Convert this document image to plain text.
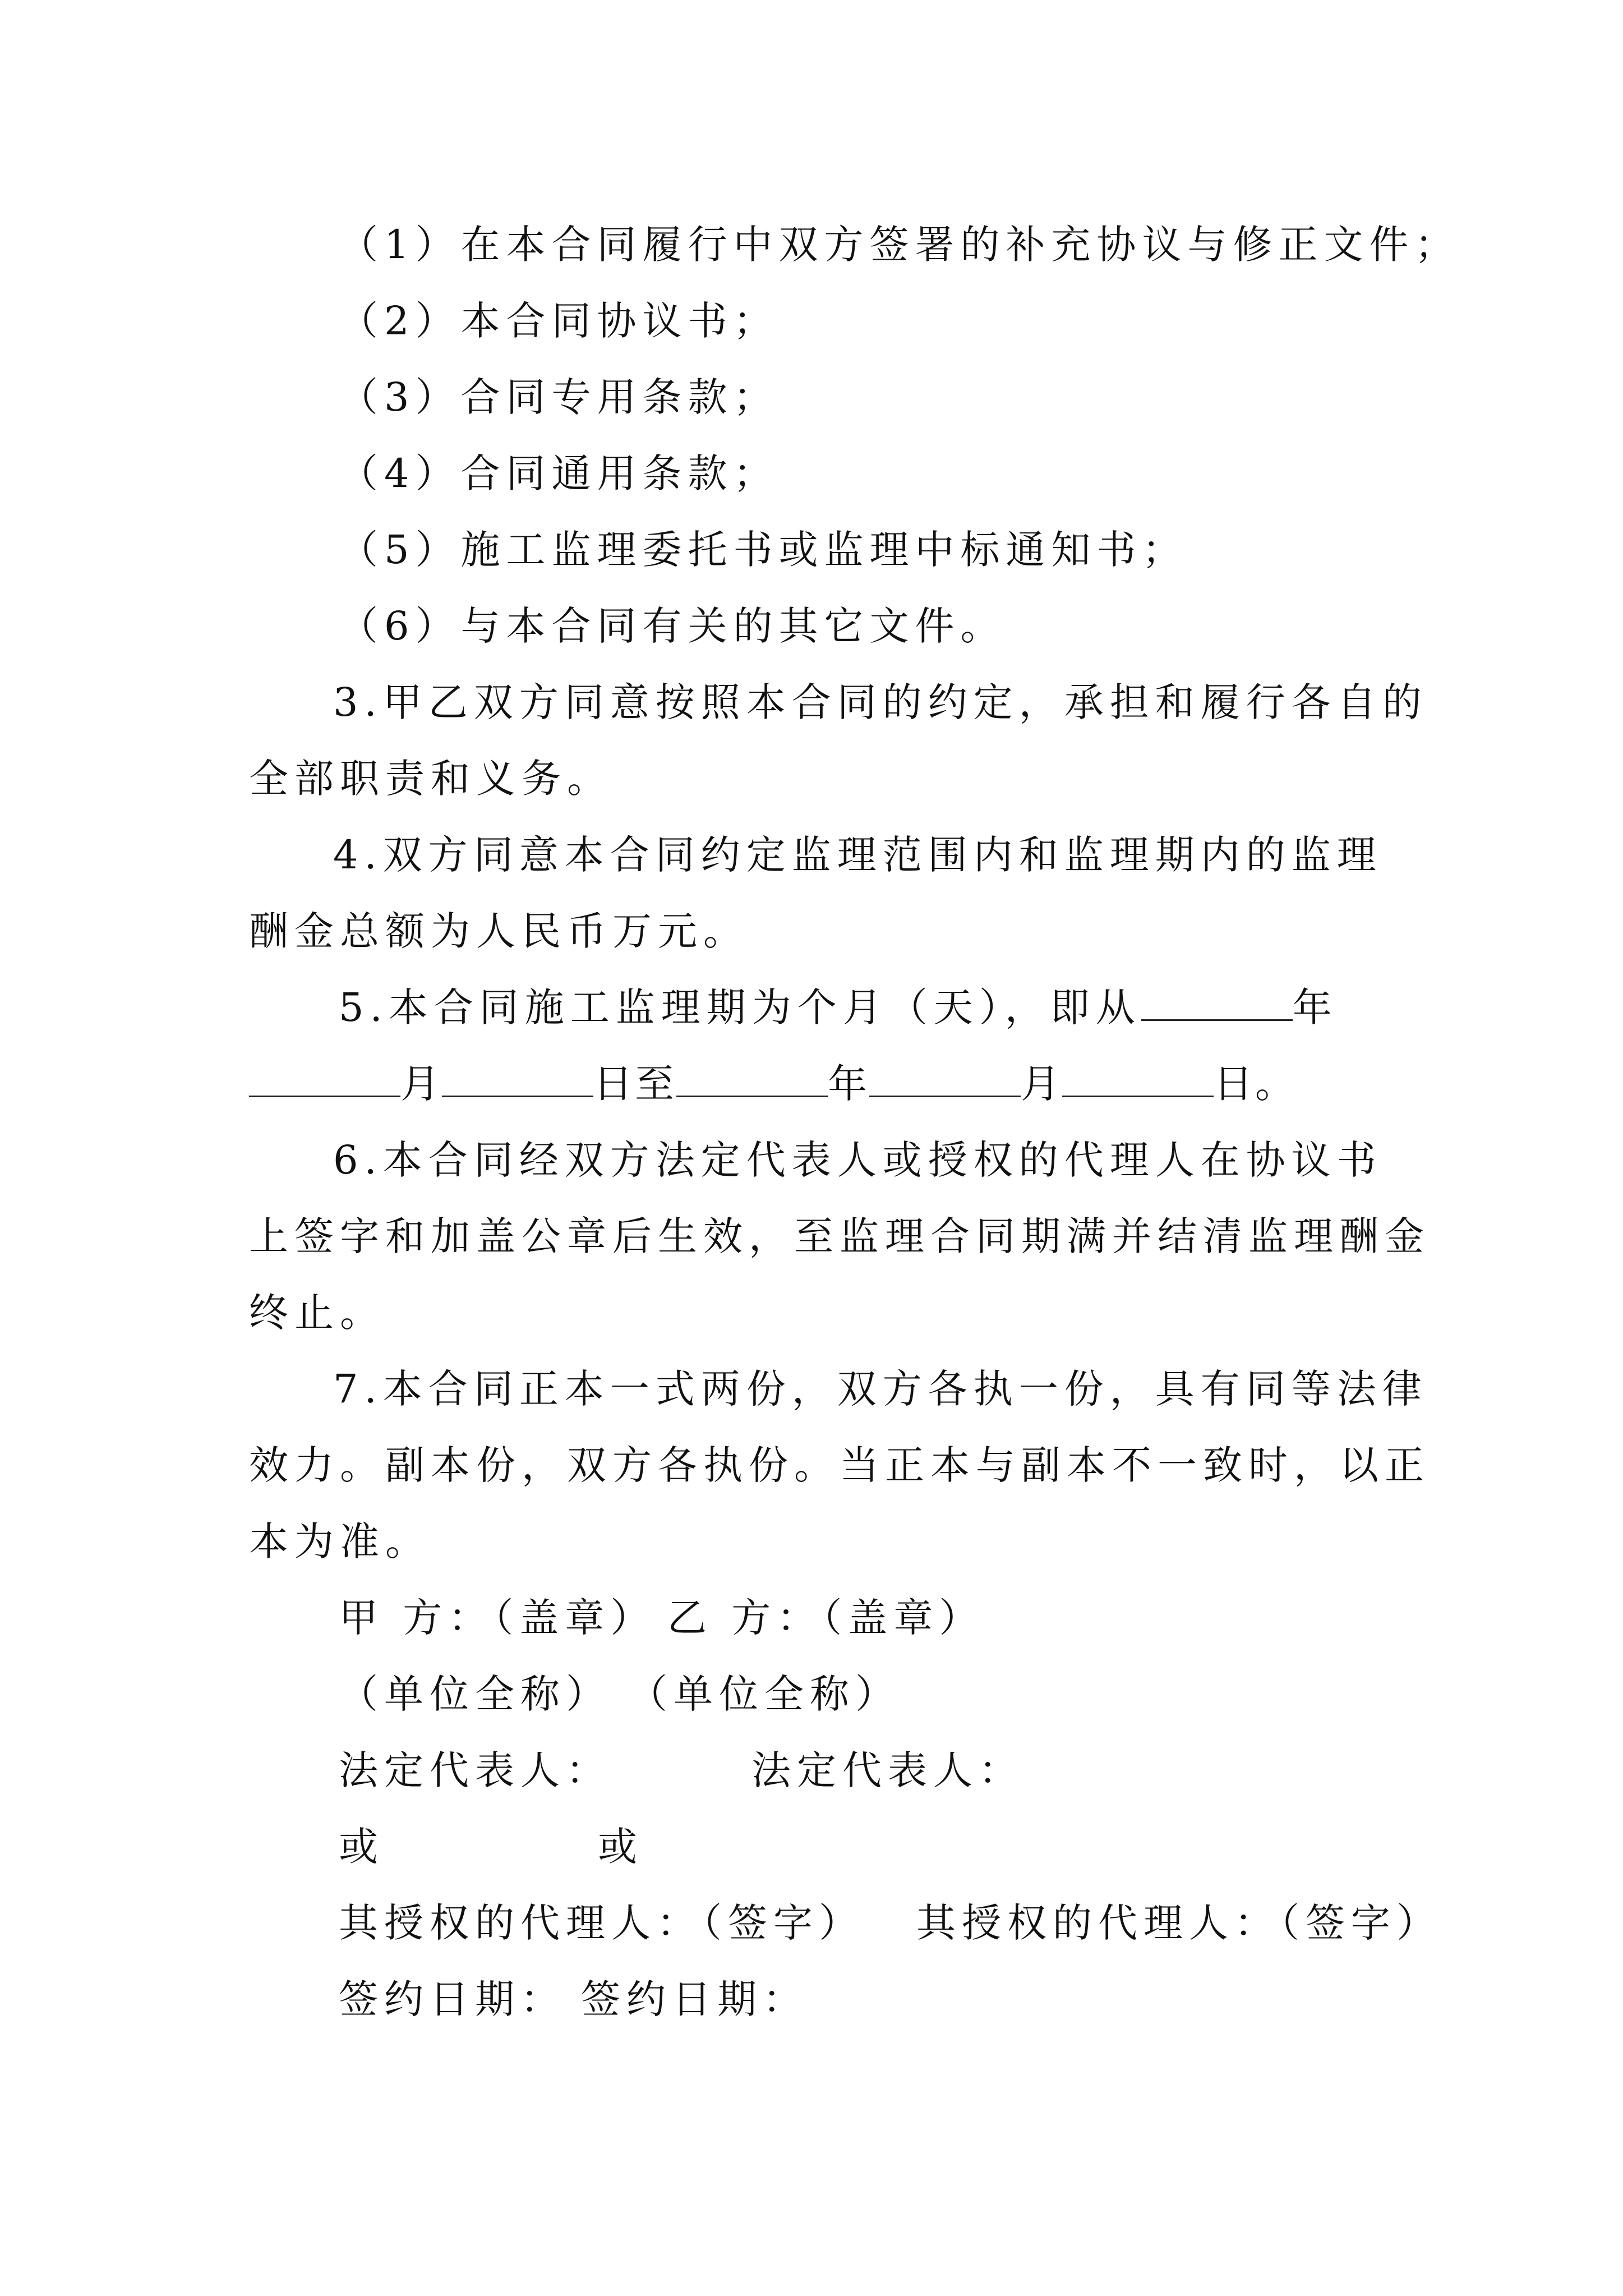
（1）在本合同履行中双方签署的补充协议与修正文件；
（2）本合同协议书；
（3）合同专用条款；
（4）合同通用条款；
（5）施工监理委托书或监理中标通知书；
（6）与本合同有关的其它文件。
3.甲乙双方同意按照本合同的约定，承担和履行各自的
全部职责和义务。
4.双方同意本合同约定监理范围内和监理期内的监理
酬金总额为人民币万元。
5.本合同施工监理期为个月（天），即从	年
月	日至	年	月	日。
6.本合同经双方法定代表人或授权的代理人在协议书
上签字和加盖公章后生效，至监理合同期满并结清监理酬金
终止。
7.本合同正本一式两份，双方各执一份，具有同等法律
效力。副本份，双方各执份。当正本与副本不一致时，以正
本为准。
甲 方：（盖章） 乙 方：（盖章）
（单位全称） （单位全称）
法定代表人：	法定代表人：
或	或
其授权的代理人：（签字） 其授权的代理人：（签字）
签约日期： 签约日期：
